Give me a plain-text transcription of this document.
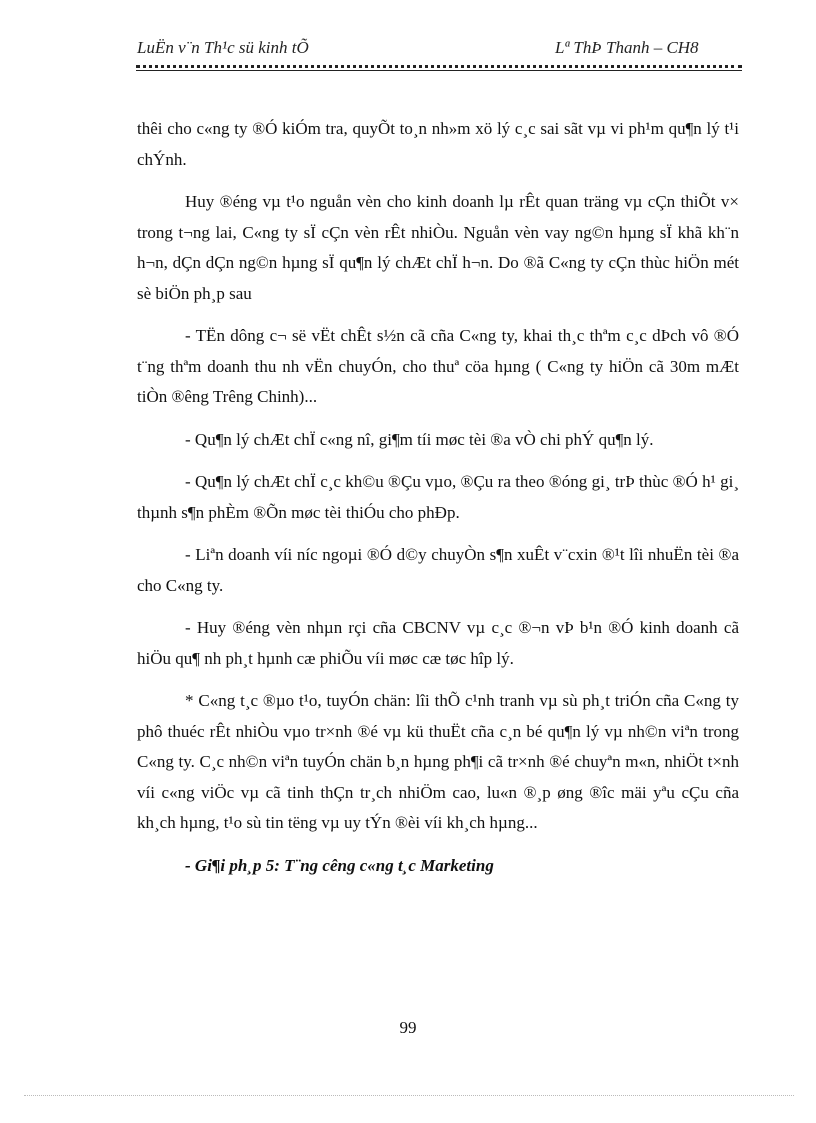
LuËn v¨n Th¹c sü kinh tÕ	Lª ThÞ Thanh – CH8

thêi cho c«ng ty ®Ó kiÓm tra, quyÕt to¸n nh»m xö lý c¸c sai sãt vµ vi ph¹m qu¶n lý t¹i chÝnh.

Huy ®éng vµ t¹o nguån vèn cho kinh doanh lµ rÊt quan träng vµ cÇn thiÕt v× trong t¬ng lai, C«ng ty sÏ cÇn vèn rÊt nhiÒu. Nguån vèn vay ng©n hµng sÏ khã kh¨n h¬n, dÇn dÇn ng©n hµng sÏ qu¶n lý chÆt chÏ h¬n. Do ®ã C«ng ty cÇn thùc hiÖn mét sè biÖn ph¸p sau

- TËn dông c¬ së vËt chÊt s½n cã cña C«ng ty, khai th¸c thªm c¸c dÞch vô ®Ó t¨ng thªm doanh thu nh vËn chuyÓn, cho thuª cöa hµng ( C«ng ty hiÖn cã 30m mÆt tiÒn ®êng Trêng Chinh)...

- Qu¶n lý chÆt chÏ c«ng nî, gi¶m tíi møc tèi ®a vÒ chi phÝ qu¶n lý.

- Qu¶n lý chÆt chÏ c¸c kh©u ®Çu vµo, ®Çu ra theo ®óng gi¸ trÞ thùc ®Ó h¹ gi¸ thµnh s¶n phÈm ®Õn møc tèi thiÓu cho phÐp.

- Liªn doanh víi níc ngoµi ®Ó d©y chuyÒn s¶n xuÊt v¨cxin ®¹t lîi nhuËn tèi ®a cho C«ng ty.

- Huy ®éng vèn nhµn rçi cña CBCNV vµ c¸c ®¬n vÞ b¹n ®Ó kinh doanh cã hiÖu qu¶ nh ph¸t hµnh cæ phiÕu víi møc cæ tøc hîp lý.

* C«ng t¸c ®µo t¹o, tuyÓn chän: lîi thÕ c¹nh tranh vµ sù ph¸t triÓn cña C«ng ty phô thuéc rÊt nhiÒu vµo tr×nh ®é vµ kü thuËt cña c¸n bé qu¶n lý vµ nh©n viªn trong C«ng ty. C¸c nh©n viªn tuyÓn chän b¸n hµng ph¶i cã tr×nh ®é chuyªn m«n, nhiÖt t×nh víi c«ng viÖc vµ cã tinh thÇn tr¸ch nhiÖm cao, lu«n ®¸p øng ®îc mäi yªu cÇu cña kh¸ch hµng, t¹o sù tin tëng vµ uy tÝn ®èi víi kh¸ch hµng...

- Gi¶i ph¸p 5: T¨ng cêng c«ng t¸c Marketing

99
